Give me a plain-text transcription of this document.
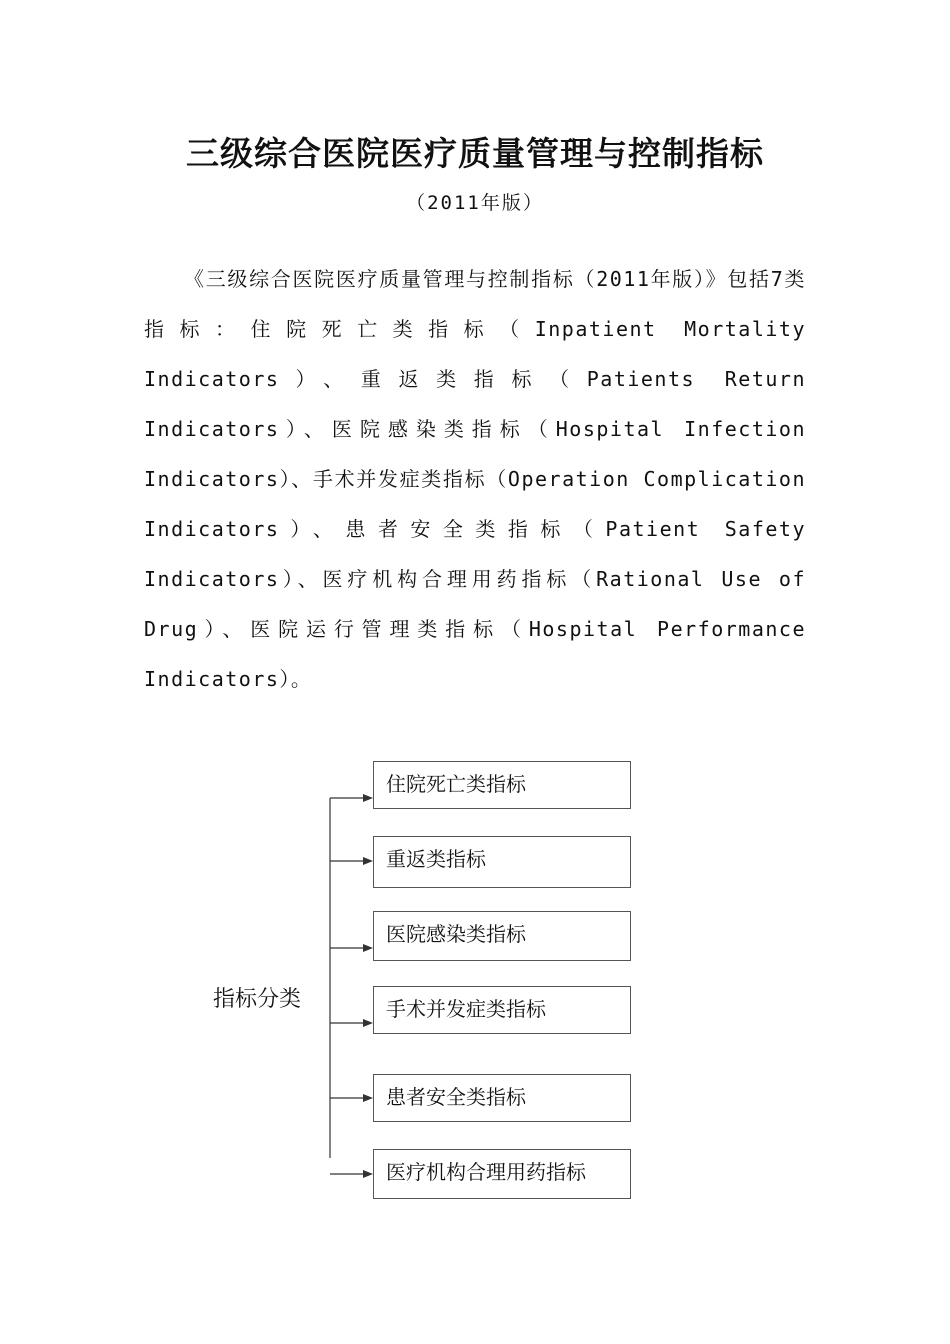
三级综合医院医疗质量管理与控制指标
（2011年版）

《三级综合医院医疗质量管理与控制指标（2011年版）》包括7类指标：住院死亡类指标（Inpatient Mortality Indicators）、重返类指标（Patients Return Indicators）、医院感染类指标（Hospital Infection Indicators）、手术并发症类指标（Operation Complication Indicators）、患者安全类指标（Patient Safety Indicators）、医疗机构合理用药指标（Rational Use of Drug）、医院运行管理类指标（Hospital Performance Indicators）。

指标分类
住院死亡类指标
重返类指标
医院感染类指标
手术并发症类指标
患者安全类指标
医疗机构合理用药指标
